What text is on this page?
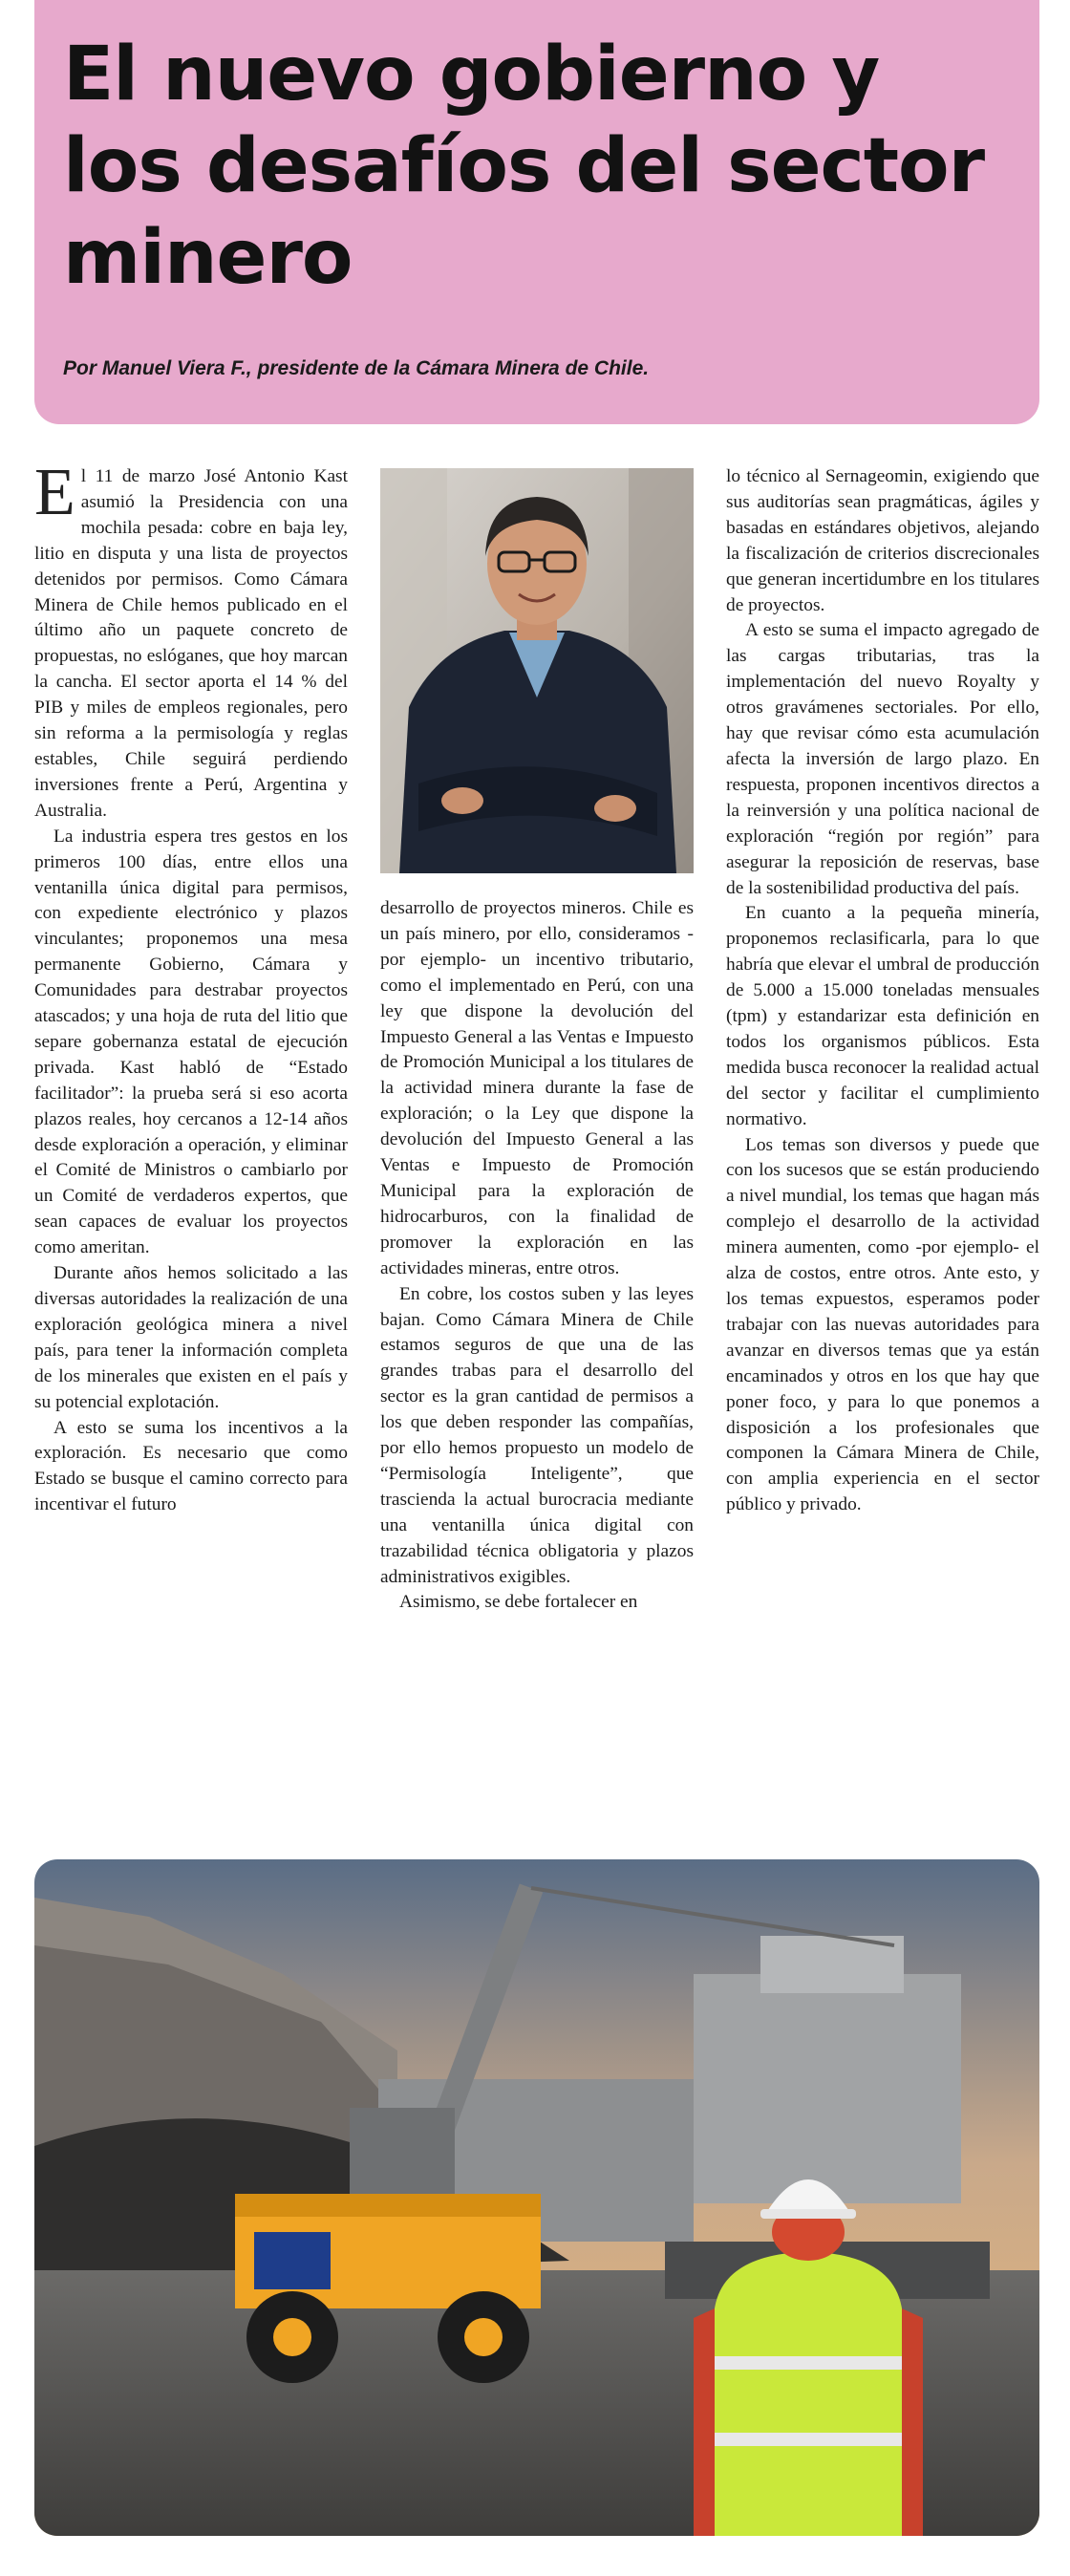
El nuevo gobierno y los desafíos del sector minero

Por Manuel Viera F., presidente de la Cámara Minera de Chile.

E l 11 de marzo José Antonio Kast asumió la Presidencia con una mochila pesada: cobre en baja ley, litio en disputa y una lista de proyectos detenidos por permisos. Como Cámara Minera de Chile hemos publicado en el último año un paquete concreto de propuestas, no eslóganes, que hoy marcan la cancha. El sector aporta el 14 % del PIB y miles de empleos regionales, pero sin reforma a la permisología y reglas estables, Chile seguirá perdiendo inversiones frente a Perú, Argentina y Australia.

La industria espera tres gestos en los primeros 100 días, entre ellos una ventanilla única digital para permisos, con expediente electrónico y plazos vinculantes; proponemos una mesa permanente Gobierno, Cámara y Comunidades para destrabar proyectos atascados; y una hoja de ruta del litio que separe gobernanza estatal de ejecución privada. Kast habló de “Estado facilitador”: la prueba será si eso acorta plazos reales, hoy cercanos a 12-14 años desde exploración a operación, y eliminar el Comité de Ministros o cambiarlo por un Comité de verdaderos expertos, que sean capaces de evaluar los proyectos como ameritan.

Durante años hemos solicitado a las diversas autoridades la realización de una exploración geológica minera a nivel país, para tener la información completa de los minerales que existen en el país y su potencial explotación.

A esto se suma los incentivos a la exploración. Es necesario que como Estado se busque el camino correcto para incentivar el futuro

desarrollo de proyectos mineros. Chile es un país minero, por ello, consideramos -por ejemplo- un incentivo tributario, como el implementado en Perú, con una ley que dispone la devolución del Impuesto General a las Ventas e Impuesto de Promoción Municipal a los titulares de la actividad minera durante la fase de exploración; o la Ley que dispone la devolución del Impuesto General a las Ventas e Impuesto de Promoción Municipal para la exploración de hidrocarburos, con la finalidad de promover la exploración en las actividades mineras, entre otros.

En cobre, los costos suben y las leyes bajan. Como Cámara Minera de Chile estamos seguros de que una de las grandes trabas para el desarrollo del sector es la gran cantidad de permisos a los que deben responder las compañías, por ello hemos propuesto un modelo de “Permisología Inteligente”, que trascienda la actual burocracia mediante una ventanilla única digital con trazabilidad técnica obligatoria y plazos administrativos exigibles.

Asimismo, se debe fortalecer en

lo técnico al Sernageomin, exigiendo que sus auditorías sean pragmáticas, ágiles y basadas en estándares objetivos, alejando la fiscalización de criterios discrecionales que generan incertidumbre en los titulares de proyectos.

A esto se suma el impacto agregado de las cargas tributarias, tras la implementación del nuevo Royalty y otros gravámenes sectoriales. Por ello, hay que revisar cómo esta acumulación afecta la inversión de largo plazo. En respuesta, proponen incentivos directos a la reinversión y una política nacional de exploración “región por región” para asegurar la reposición de reservas, base de la sostenibilidad productiva del país.

En cuanto a la pequeña minería, proponemos reclasificarla, para lo que habría que elevar el umbral de producción de 5.000 a 15.000 toneladas mensuales (tpm) y estandarizar esta definición en todos los organismos públicos. Esta medida busca reconocer la realidad actual del sector y facilitar el cumplimiento normativo.

Los temas son diversos y puede que con los sucesos que se están produciendo a nivel mundial, los temas que hagan más complejo el desarrollo de la actividad minera aumenten, como -por ejemplo- el alza de costos, entre otros. Ante esto, y los temas expuestos, esperamos poder trabajar con las nuevas autoridades para avanzar en diversos temas que ya están encaminados y otros en los que hay que poner foco, y para lo que ponemos a disposición a los profesionales que componen la Cámara Minera de Chile, con amplia experiencia en el sector público y privado.
